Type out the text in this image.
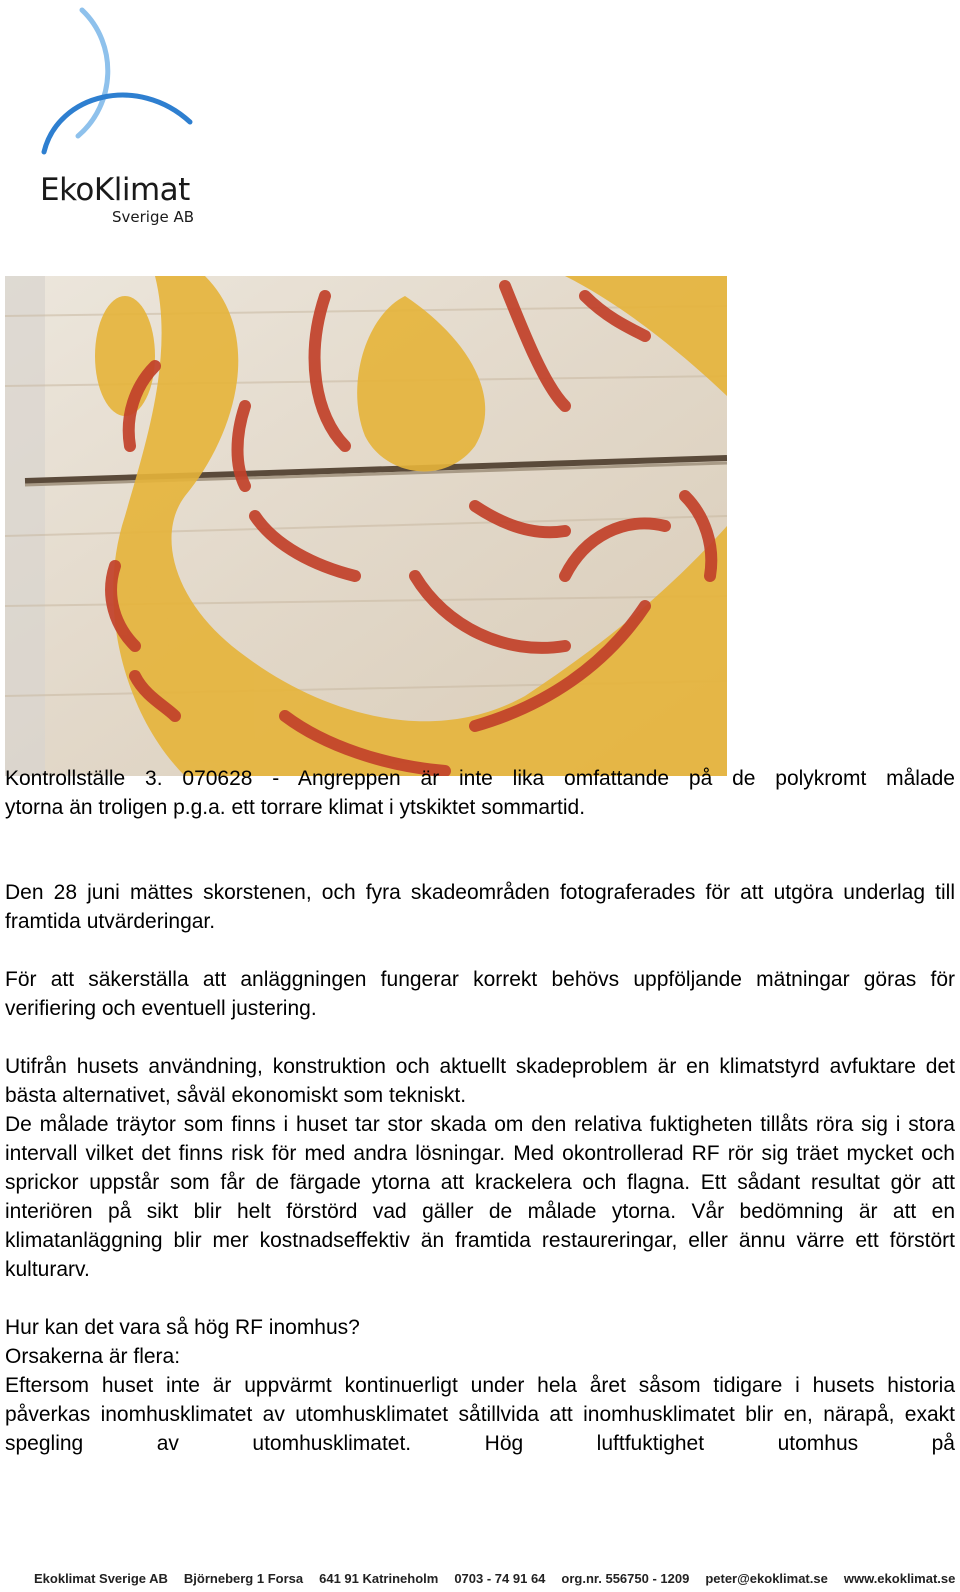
EkoKlimat
Sverige AB

Kontrollställe 3. 070628 - Angreppen är inte lika omfattande på de polykromt målade

ytorna än troligen p.g.a. ett torrare klimat i ytskiktet sommartid.

Den 28 juni mättes skorstenen, och fyra skadeområden fotograferades för att utgöra underlag till framtida utvärderingar.

För att säkerställa att anläggningen fungerar korrekt behövs uppföljande mätningar göras för verifiering och eventuell justering.

Utifrån husets användning, konstruktion och aktuellt skadeproblem är en klimatstyrd avfuktare det bästa alternativet, såväl ekonomiskt som tekniskt.

De målade träytor som finns i huset tar stor skada om den relativa fuktigheten tillåts röra sig i stora intervall vilket det finns risk för med andra lösningar. Med okontrollerad RF rör sig träet mycket och sprickor uppstår som får de färgade ytorna att krackelera och flagna. Ett sådant resultat gör att interiören på sikt blir helt förstörd vad gäller de målade ytorna. Vår bedömning är att en klimatanläggning blir mer kostnadseffektiv än framtida restaureringar, eller ännu värre ett förstört kulturarv.

Hur kan det vara så hög RF inomhus?

Orsakerna är flera:

Eftersom huset inte är uppvärmt kontinuerligt under hela året såsom tidigare i husets historia påverkas inomhusklimatet av utomhusklimatet såtillvida att inomhusklimatet blir en, närapå, exakt spegling av utomhusklimatet. Hög luftfuktighet utomhus på

Ekoklimat Sverige AB Björneberg 1 Forsa 641 91 Katrineholm 0703 - 74 91 64 org.nr. 556750 - 1209 peter@ekoklimat.se www.ekoklimat.se
